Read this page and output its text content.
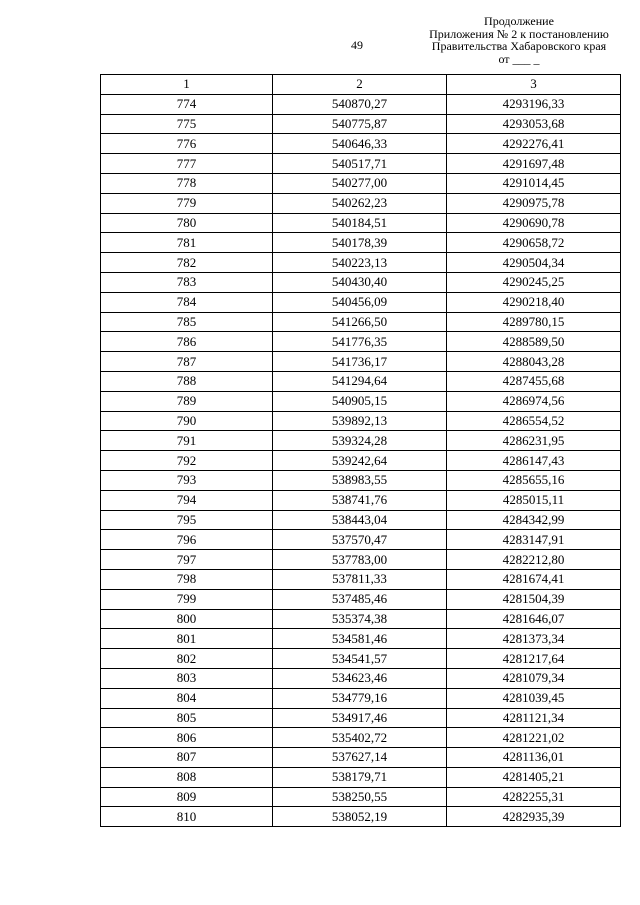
49
Продолжение
Приложения № 2 к постановлению
Правительства Хабаровского края
от ___ _
1	2	3
774	540870,27	4293196,33
775	540775,87	4293053,68
776	540646,33	4292276,41
777	540517,71	4291697,48
778	540277,00	4291014,45
779	540262,23	4290975,78
780	540184,51	4290690,78
781	540178,39	4290658,72
782	540223,13	4290504,34
783	540430,40	4290245,25
784	540456,09	4290218,40
785	541266,50	4289780,15
786	541776,35	4288589,50
787	541736,17	4288043,28
788	541294,64	4287455,68
789	540905,15	4286974,56
790	539892,13	4286554,52
791	539324,28	4286231,95
792	539242,64	4286147,43
793	538983,55	4285655,16
794	538741,76	4285015,11
795	538443,04	4284342,99
796	537570,47	4283147,91
797	537783,00	4282212,80
798	537811,33	4281674,41
799	537485,46	4281504,39
800	535374,38	4281646,07
801	534581,46	4281373,34
802	534541,57	4281217,64
803	534623,46	4281079,34
804	534779,16	4281039,45
805	534917,46	4281121,34
806	535402,72	4281221,02
807	537627,14	4281136,01
808	538179,71	4281405,21
809	538250,55	4282255,31
810	538052,19	4282935,39
